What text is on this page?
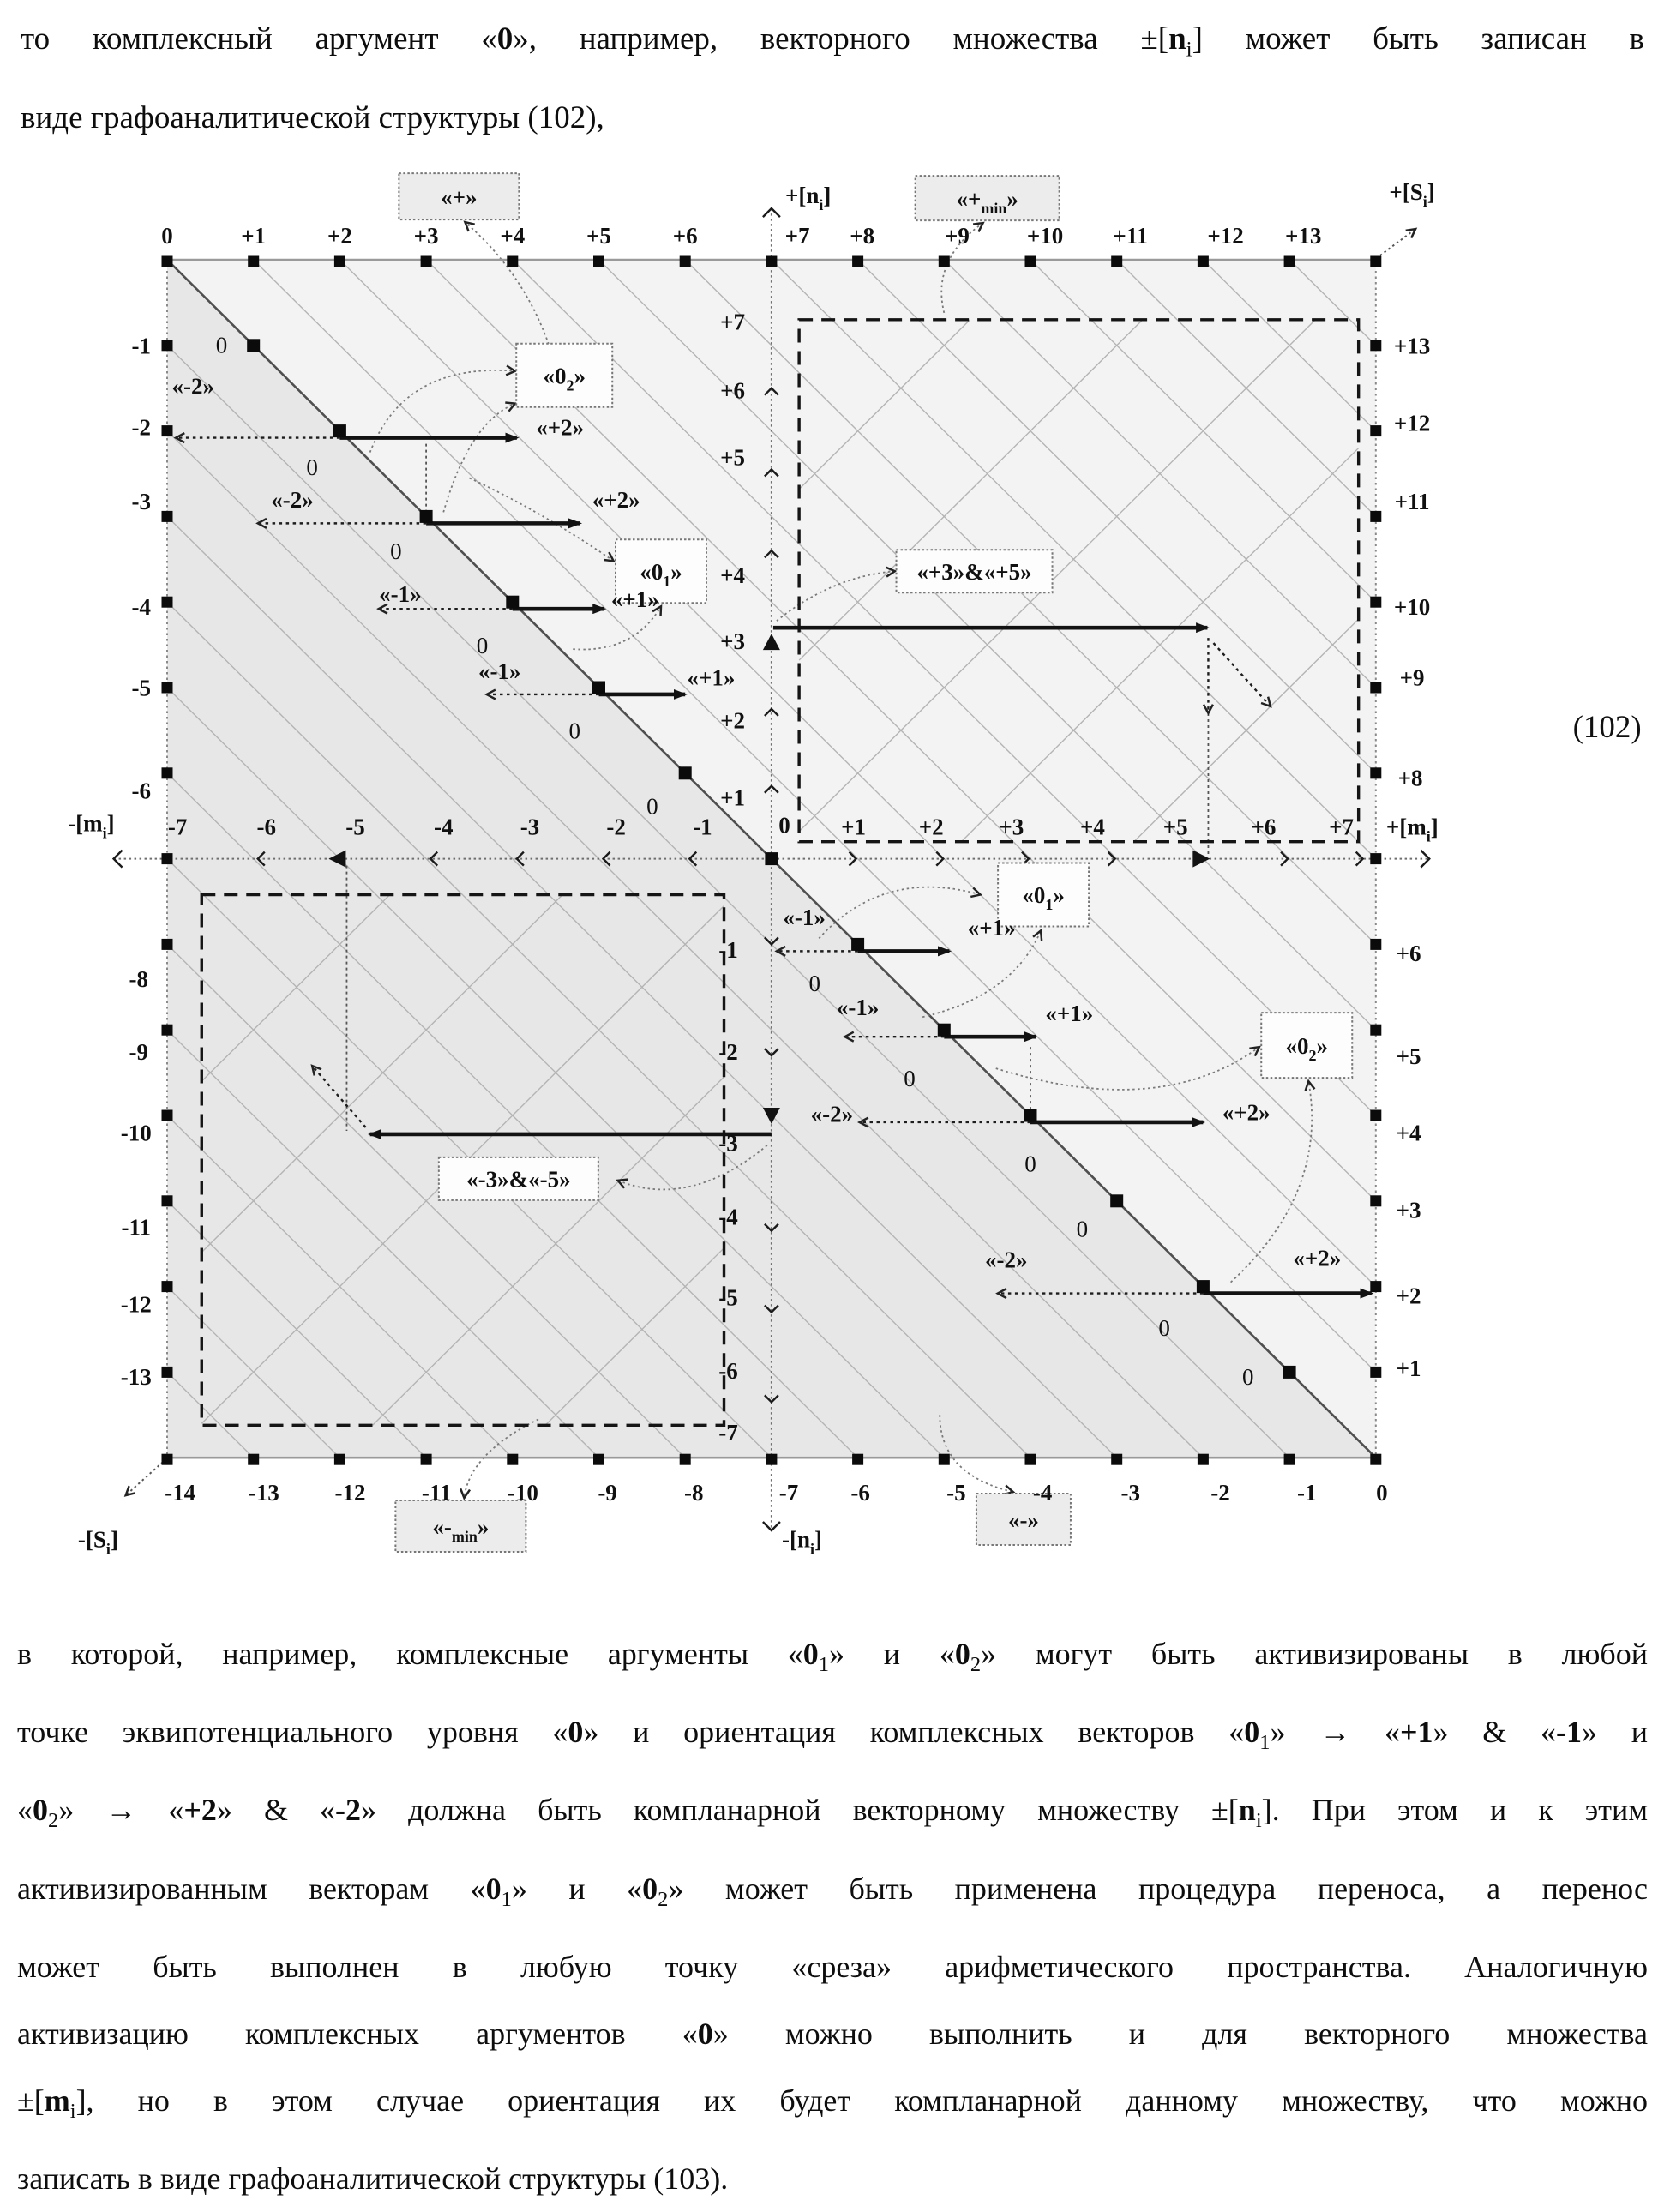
то комплексный аргумент «0», например, векторного множества $\pm[n_i]$ может быть записан в
виде графоаналитической структуры (102),
«+»	«$+_{min}$»
«$0_2$»
«$0_1$»	«+3»&«+5»
«$0_1$»
«$0_2$»
«-3»&«-5»
«$-_{min}$»	«-»
0	+1	+2	+3	+4	+5	+6	+7 +8	+9 +10 +11	+12 +13
-14 -13 -12 -11 -10	-9	-8	-7 -6	-5	-4	-3	-2	-1	0
-1
-2
-3
-4
-5
-6
-8
-9
-10
-11
-12
-13
+13
+12
+11
+10
+9
+8
+6
+5
+4
+3
+2
+1
-7	-6	-5	-4	-3	-2	-1	0 +1 +2 +3 +4	+5	+6 +7
+7
+6
+5
+4
+3
+2
+1
-1
-2
-3
-4
-5
-6
-7
«-2»
«+2»
«-2»	«+2»
«-1»	«+1»
«-1»	«+1»
«-1»	«+1»
«-1»	«+1»
«-2»	«+2»
«-2»	«+2»
0
0
0
0
0
0
0
0
0
0
0
0
$+[n_i]$	$+[S_i]$
$-[m_i]$	$+[m_i]$
$-[S_i]$	$-[n_i]$
(102)
в которой, например, комплексные аргументы «$0_1$» и «$0_2$» могут быть активизированы в любой
точке эквипотенциального уровня «0» и ориентация комплексных векторов «$0_1$» → «+1» & «-1» и
«$0_2$» → «+2» & «-2» должна быть компланарной векторному множеству $\pm[n_i]$. При этом и к этим
активизированным векторам «$0_1$» и «$0_2$» может быть применена процедура переноса, а перенос
может быть выполнен в любую точку «среза» арифметического пространства. Аналогичную
активизацию комплексных аргументов «0» можно выполнить и для векторного множества
$\pm[m_i]$, но в этом случае ориентация их будет компланарной данному множеству, что можно
записать в виде графоаналитической структуры (103).
